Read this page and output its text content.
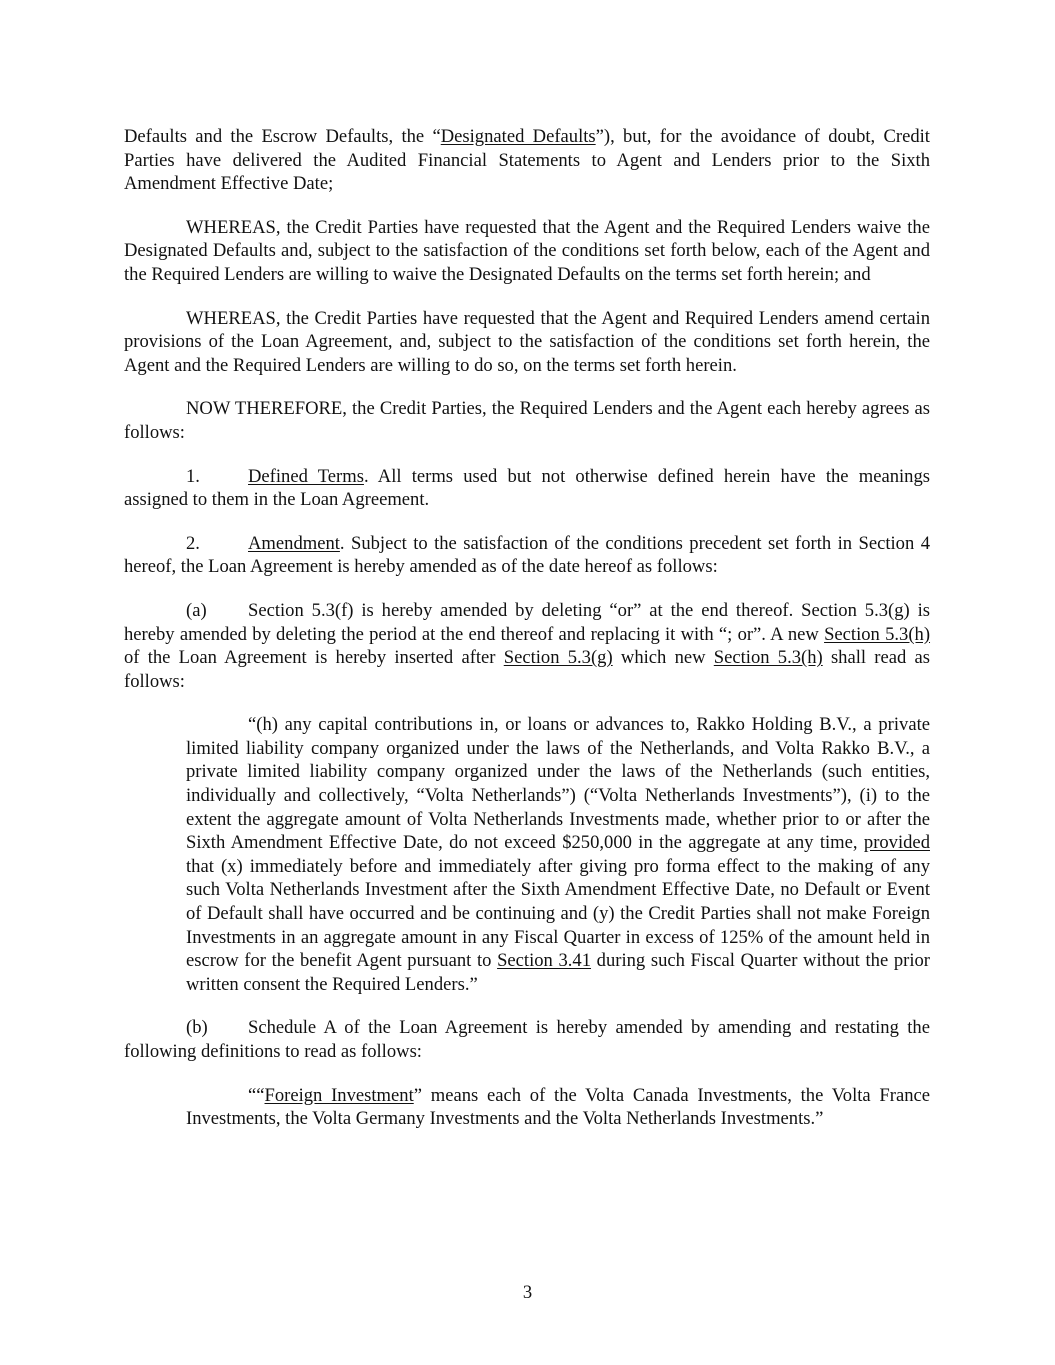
Defaults and the Escrow Defaults, the “Designated Defaults”), but, for the avoidance of doubt, Credit Parties have delivered the Audited Financial Statements to Agent and Lenders prior to the Sixth Amendment Effective Date;

WHEREAS, the Credit Parties have requested that the Agent and the Required Lenders waive the Designated Defaults and, subject to the satisfaction of the conditions set forth below, each of the Agent and the Required Lenders are willing to waive the Designated Defaults on the terms set forth herein; and

WHEREAS, the Credit Parties have requested that the Agent and Required Lenders amend certain provisions of the Loan Agreement, and, subject to the satisfaction of the conditions set forth herein, the Agent and the Required Lenders are willing to do so, on the terms set forth herein.

NOW THEREFORE, the Credit Parties, the Required Lenders and the Agent each hereby agrees as follows:

1.	Defined Terms. All terms used but not otherwise defined herein have the meanings assigned to them in the Loan Agreement.

2.	Amendment. Subject to the satisfaction of the conditions precedent set forth in Section 4 hereof, the Loan Agreement is hereby amended as of the date hereof as follows:

(a) Section 5.3(f) is hereby amended by deleting “or” at the end thereof. Section 5.3(g) is hereby amended by deleting the period at the end thereof and replacing it with “; or”. A new Section 5.3(h) of the Loan Agreement is hereby inserted after Section 5.3(g) which new Section 5.3(h) shall read as follows:

“(h) any capital contributions in, or loans or advances to, Rakko Holding B.V., a private limited liability company organized under the laws of the Netherlands, and Volta Rakko B.V., a private limited liability company organized under the laws of the Netherlands (such entities, individually and collectively, “Volta Netherlands”) (“Volta Netherlands Investments”), (i) to the extent the aggregate amount of Volta Netherlands Investments made, whether prior to or after the Sixth Amendment Effective Date, do not exceed $250,000 in the aggregate at any time, provided that (x) immediately before and immediately after giving pro forma effect to the making of any such Volta Netherlands Investment after the Sixth Amendment Effective Date, no Default or Event of Default shall have occurred and be continuing and (y) the Credit Parties shall not make Foreign Investments in an aggregate amount in any Fiscal Quarter in excess of 125% of the amount held in escrow for the benefit Agent pursuant to Section 3.41 during such Fiscal Quarter without the prior written consent the Required Lenders.”

(b) Schedule A of the Loan Agreement is hereby amended by amending and restating the following definitions to read as follows:

““Foreign Investment” means each of the Volta Canada Investments, the Volta France Investments, the Volta Germany Investments and the Volta Netherlands Investments.”

3
